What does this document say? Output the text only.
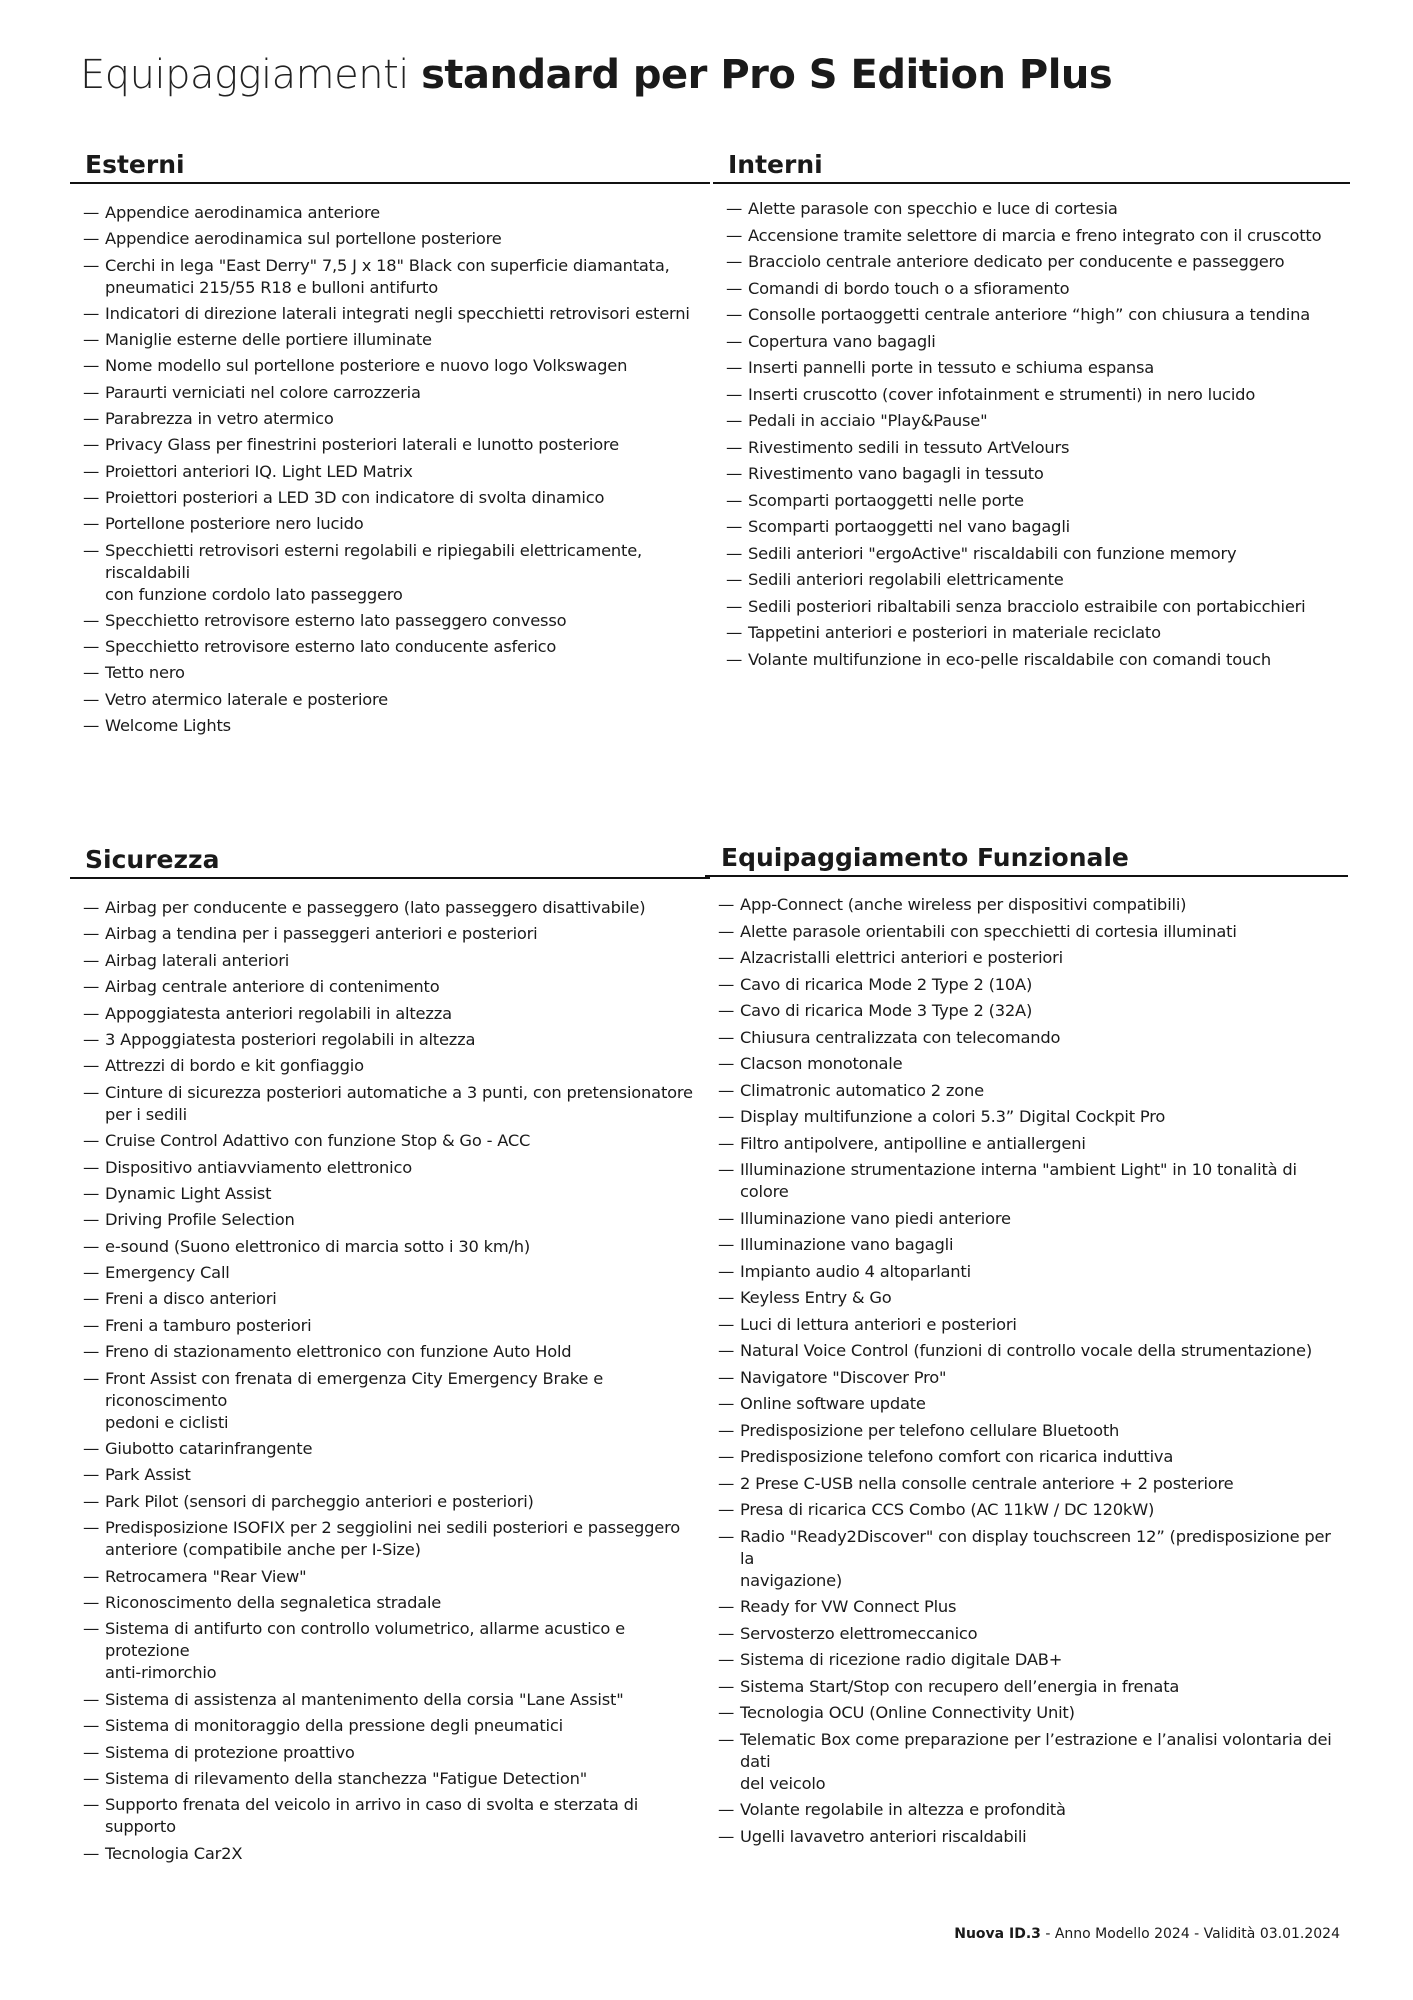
Equipaggiamenti standard per Pro S Edition Plus
Esterni
— Appendice aerodinamica anteriore
— Appendice aerodinamica sul portellone posteriore
— Cerchi in lega "East Derry" 7,5 J x 18" Black con superficie diamantata,
pneumatici 215/55 R18 e bulloni antifurto
— Indicatori di direzione laterali integrati negli specchietti retrovisori esterni
— Maniglie esterne delle portiere illuminate
— Nome modello sul portellone posteriore e nuovo logo Volkswagen
— Paraurti verniciati nel colore carrozzeria
— Parabrezza in vetro atermico
— Privacy Glass per finestrini posteriori laterali e lunotto posteriore
— Proiettori anteriori IQ. Light LED Matrix
— Proiettori posteriori a LED 3D con indicatore di svolta dinamico
— Portellone posteriore nero lucido
— Specchietti retrovisori esterni regolabili e ripiegabili elettricamente, riscaldabili
con funzione cordolo lato passeggero
— Specchietto retrovisore esterno lato passeggero convesso
— Specchietto retrovisore esterno lato conducente asferico
— Tetto nero
— Vetro atermico laterale e posteriore
— Welcome Lights
Interni
— Alette parasole con specchio e luce di cortesia
— Accensione tramite selettore di marcia e freno integrato con il cruscotto
— Bracciolo centrale anteriore dedicato per conducente e passeggero
— Comandi di bordo touch o a sfioramento
— Consolle portaoggetti centrale anteriore “high” con chiusura a tendina
— Copertura vano bagagli
— Inserti pannelli porte in tessuto e schiuma espansa
— Inserti cruscotto (cover infotainment e strumenti) in nero lucido
— Pedali in acciaio "Play&Pause"
— Rivestimento sedili in tessuto ArtVelours
— Rivestimento vano bagagli in tessuto
— Scomparti portaoggetti nelle porte
— Scomparti portaoggetti nel vano bagagli
— Sedili anteriori "ergoActive" riscaldabili con funzione memory
— Sedili anteriori regolabili elettricamente
— Sedili posteriori ribaltabili senza bracciolo estraibile con portabicchieri
— Tappetini anteriori e posteriori in materiale reciclato
— Volante multifunzione in eco-pelle riscaldabile con comandi touch
Sicurezza
— Airbag per conducente e passeggero (lato passeggero disattivabile)
— Airbag a tendina per i passeggeri anteriori e posteriori
— Airbag laterali anteriori
— Airbag centrale anteriore di contenimento
— Appoggiatesta anteriori regolabili in altezza
— 3 Appoggiatesta posteriori regolabili in altezza
— Attrezzi di bordo e kit gonfiaggio
— Cinture di sicurezza posteriori automatiche a 3 punti, con pretensionatore
per i sedili
— Cruise Control Adattivo con funzione Stop & Go - ACC
— Dispositivo antiavviamento elettronico
— Dynamic Light Assist
— Driving Profile Selection
— e-sound (Suono elettronico di marcia sotto i 30 km/h)
— Emergency Call
— Freni a disco anteriori
— Freni a tamburo posteriori
— Freno di stazionamento elettronico con funzione Auto Hold
— Front Assist con frenata di emergenza City Emergency Brake e riconoscimento
pedoni e ciclisti
— Giubotto catarinfrangente
— Park Assist
— Park Pilot (sensori di parcheggio anteriori e posteriori)
— Predisposizione ISOFIX per 2 seggiolini nei sedili posteriori e passeggero
anteriore (compatibile anche per I-Size)
— Retrocamera "Rear View"
— Riconoscimento della segnaletica stradale
— Sistema di antifurto con controllo volumetrico, allarme acustico e protezione
anti-rimorchio
— Sistema di assistenza al mantenimento della corsia "Lane Assist"
— Sistema di monitoraggio della pressione degli pneumatici
— Sistema di protezione proattivo
— Sistema di rilevamento della stanchezza "Fatigue Detection"
— Supporto frenata del veicolo in arrivo in caso di svolta e sterzata di supporto
— Tecnologia Car2X
Equipaggiamento Funzionale
— App-Connect (anche wireless per dispositivi compatibili)
— Alette parasole orientabili con specchietti di cortesia illuminati
— Alzacristalli elettrici anteriori e posteriori
— Cavo di ricarica Mode 2 Type 2 (10A)
— Cavo di ricarica Mode 3 Type 2 (32A)
— Chiusura centralizzata con telecomando
— Clacson monotonale
— Climatronic automatico 2 zone
— Display multifunzione a colori 5.3” Digital Cockpit Pro
— Filtro antipolvere, antipolline e antiallergeni
— Illuminazione strumentazione interna "ambient Light" in 10 tonalità di colore
— Illuminazione vano piedi anteriore
— Illuminazione vano bagagli
— Impianto audio 4 altoparlanti
— Keyless Entry & Go
— Luci di lettura anteriori e posteriori
— Natural Voice Control (funzioni di controllo vocale della strumentazione)
— Navigatore "Discover Pro"
— Online software update
— Predisposizione per telefono cellulare Bluetooth
— Predisposizione telefono comfort con ricarica induttiva
— 2 Prese C-USB nella consolle centrale anteriore + 2 posteriore
— Presa di ricarica CCS Combo (AC 11kW / DC 120kW)
— Radio "Ready2Discover" con display touchscreen 12” (predisposizione per la
navigazione)
— Ready for VW Connect Plus
— Servosterzo elettromeccanico
— Sistema di ricezione radio digitale DAB+
— Sistema Start/Stop con recupero dell’energia in frenata
— Tecnologia OCU (Online Connectivity Unit)
— Telematic Box come preparazione per l’estrazione e l’analisi volontaria dei dati
del veicolo
— Volante regolabile in altezza e profondità
— Ugelli lavavetro anteriori riscaldabili
Nuova ID.3 - Anno Modello 2024 - Validità 03.01.2024
